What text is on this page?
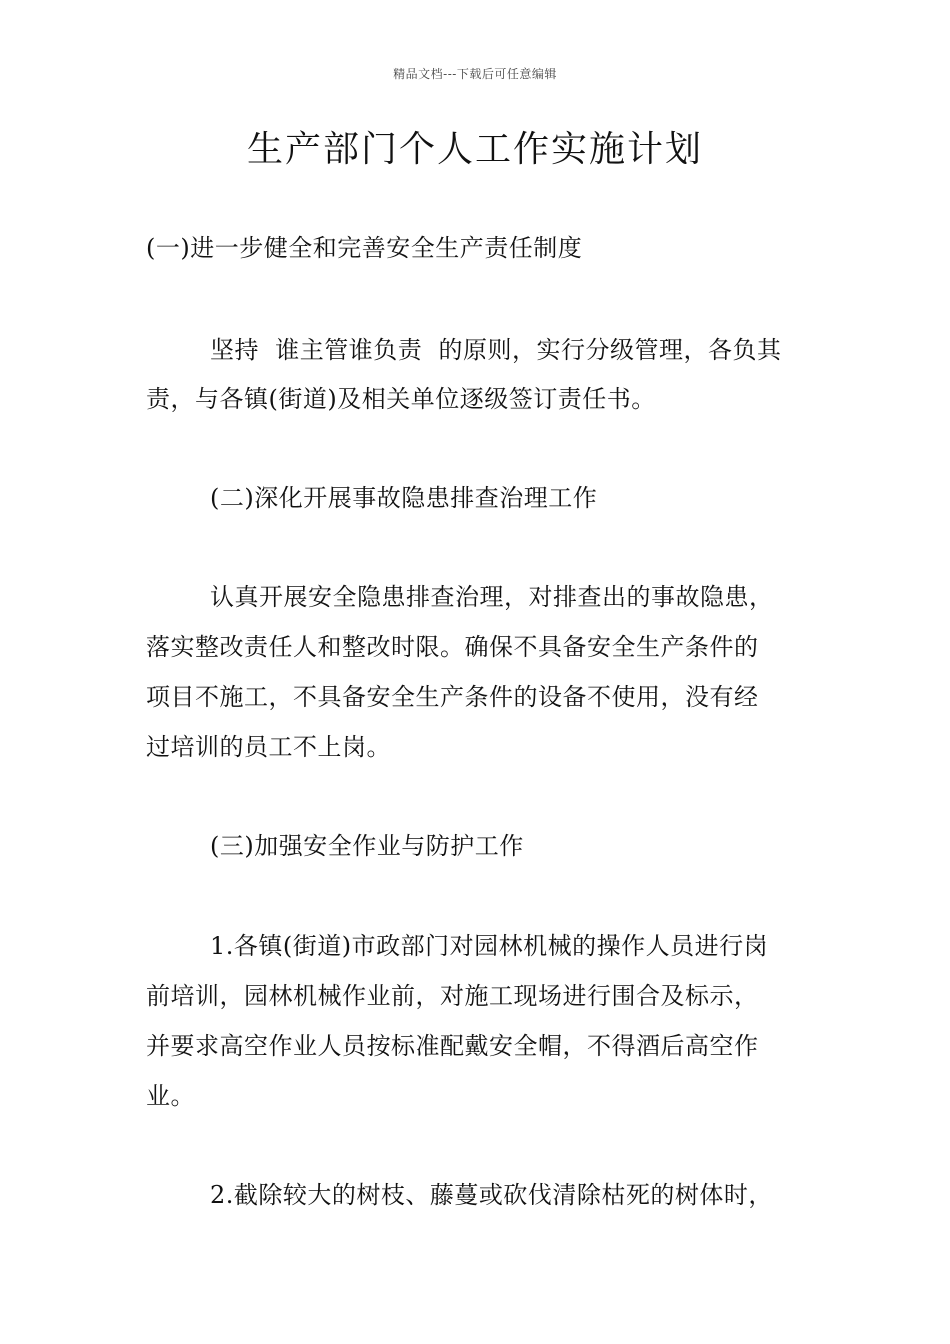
精品文档---下载后可任意编辑
生产部门个人工作实施计划
(一)进一步健全和完善安全生产责任制度
坚持  谁主管谁负责  的原则，实行分级管理，各负其
责，与各镇(街道)及相关单位逐级签订责任书。
(二)深化开展事故隐患排查治理工作
认真开展安全隐患排查治理，对排查出的事故隐患，
落实整改责任人和整改时限。确保不具备安全生产条件的
项目不施工，不具备安全生产条件的设备不使用，没有经
过培训的员工不上岗。
(三)加强安全作业与防护工作
1.各镇(街道)市政部门对园林机械的操作人员进行岗
前培训，园林机械作业前，对施工现场进行围合及标示，
并要求高空作业人员按标准配戴安全帽，不得酒后高空作
业。
2.截除较大的树枝、藤蔓或砍伐清除枯死的树体时，
